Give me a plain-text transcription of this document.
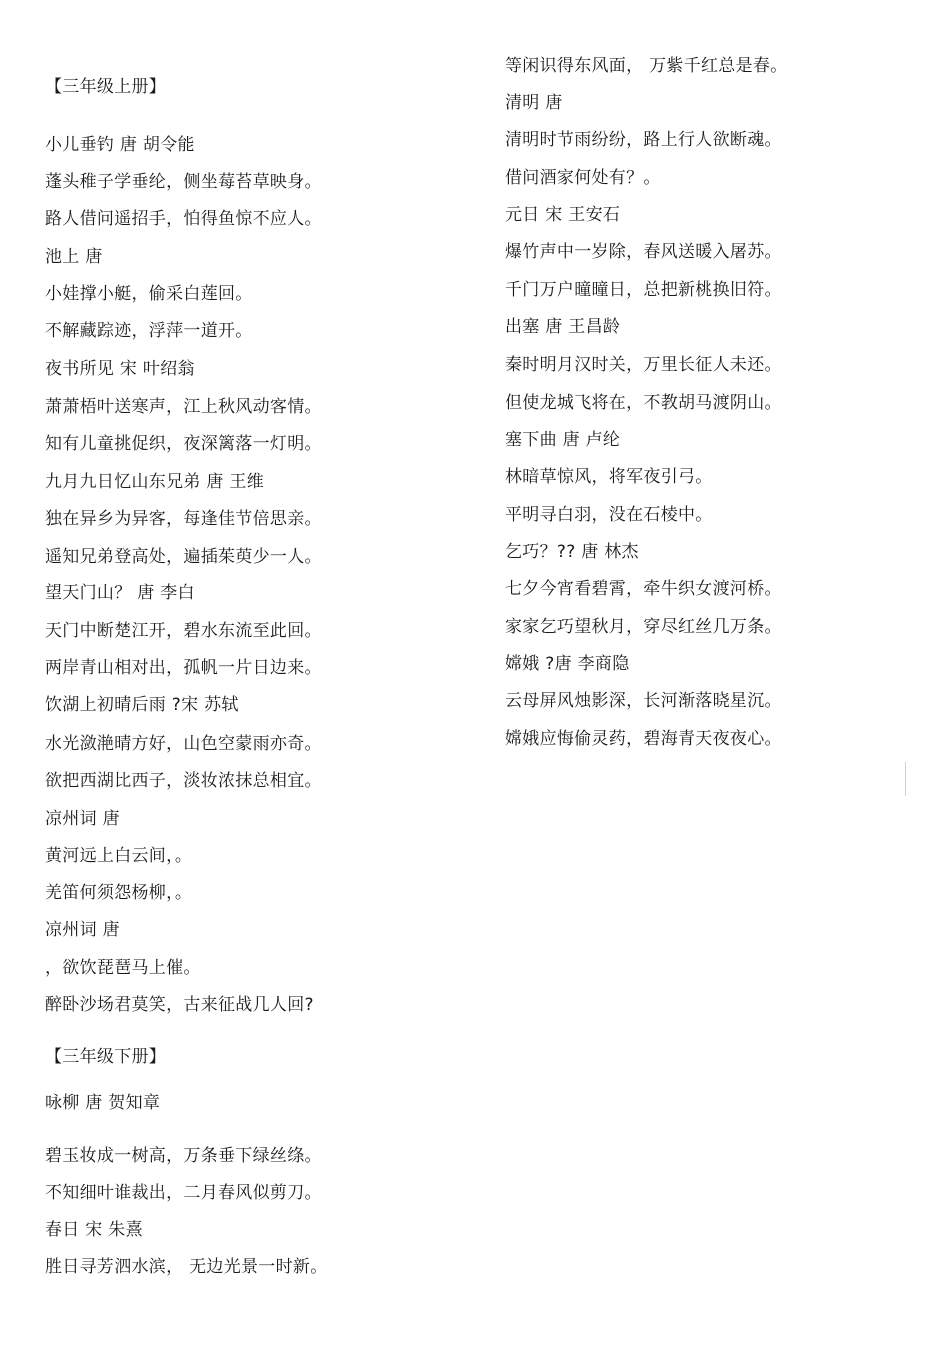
【三年级上册】
小儿垂钓 唐 胡令能
蓬头稚子学垂纶，侧坐莓苔草映身。
路人借问遥招手，怕得鱼惊不应人。
池上 唐
小娃撑小艇，偷采白莲回。
不解藏踪迹，浮萍一道开。
夜书所见 宋 叶绍翁
萧萧梧叶送寒声，江上秋风动客情。
知有儿童挑促织，夜深篱落一灯明。
九月九日忆山东兄弟 唐 王维
独在异乡为异客，每逢佳节倍思亲。
遥知兄弟登高处，遍插茱萸少一人。
望天门山？ 唐 李白
天门中断楚江开，碧水东流至此回。
两岸青山相对出，孤帆一片日边来。
饮湖上初晴后雨 ?宋 苏轼
水光潋滟晴方好，山色空蒙雨亦奇。
欲把西湖比西子，淡妆浓抹总相宜。
凉州词 唐
黄河远上白云间，。
羌笛何须怨杨柳，。
凉州词 唐
，欲饮琵琶马上催。
醉卧沙场君莫笑，古来征战几人回?
【三年级下册】
咏柳 唐 贺知章
碧玉妆成一树高，万条垂下绿丝绦。
不知细叶谁裁出，二月春风似剪刀。
春日 宋 朱熹
胜日寻芳泗水滨， 无边光景一时新。
等闲识得东风面， 万紫千红总是春。
清明 唐
清明时节雨纷纷，路上行人欲断魂。
借问酒家何处有？。
元日 宋 王安石
爆竹声中一岁除，春风送暖入屠苏。
千门万户曈曈日，总把新桃换旧符。
出塞 唐 王昌龄
秦时明月汉时关，万里长征人未还。
但使龙城飞将在，不教胡马渡阴山。
塞下曲 唐 卢纶
林暗草惊风，将军夜引弓。
平明寻白羽，没在石棱中。
乞巧？?? 唐 林杰
七夕今宵看碧霄，牵牛织女渡河桥。
家家乞巧望秋月，穿尽红丝几万条。
嫦娥 ?唐 李商隐
云母屏风烛影深，长河渐落晓星沉。
嫦娥应悔偷灵药，碧海青天夜夜心。
